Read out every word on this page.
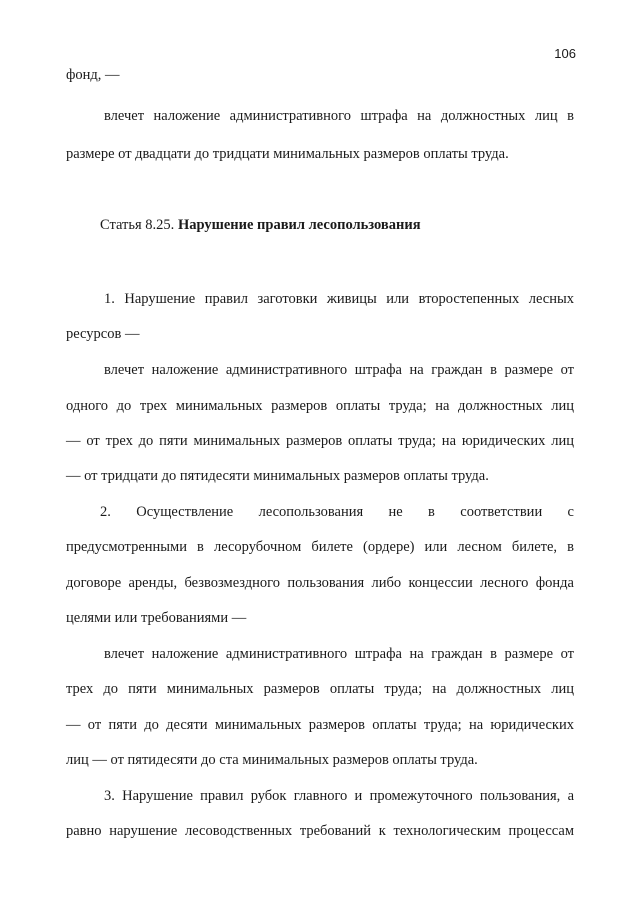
106
фонд, —
влечет наложение административного штрафа на должностных лиц в
размере от двадцати до тридцати минимальных размеров оплаты труда.
Статья 8.25. Нарушение правил лесопользования
1. Нарушение правил заготовки живицы или второстепенных лесных
ресурсов —
влечет наложение административного штрафа на граждан в размере от
одного до трех минимальных размеров оплаты труда; на должностных лиц
— от трех до пяти минимальных размеров оплаты труда; на юридических лиц
— от тридцати до пятидесяти минимальных размеров оплаты труда.
2. Осуществление лесопользования не в соответствии с
предусмотренными в лесорубочном билете (ордере) или лесном билете, в
договоре аренды, безвозмездного пользования либо концессии лесного фонда
целями или требованиями —
влечет наложение административного штрафа на граждан в размере от
трех до пяти минимальных размеров оплаты труда; на должностных лиц
— от пяти до десяти минимальных размеров оплаты труда; на юридических
лиц — от пятидесяти до ста минимальных размеров оплаты труда.
3. Нарушение правил рубок главного и промежуточного пользования, а
равно нарушение лесоводственных требований к технологическим процессам
